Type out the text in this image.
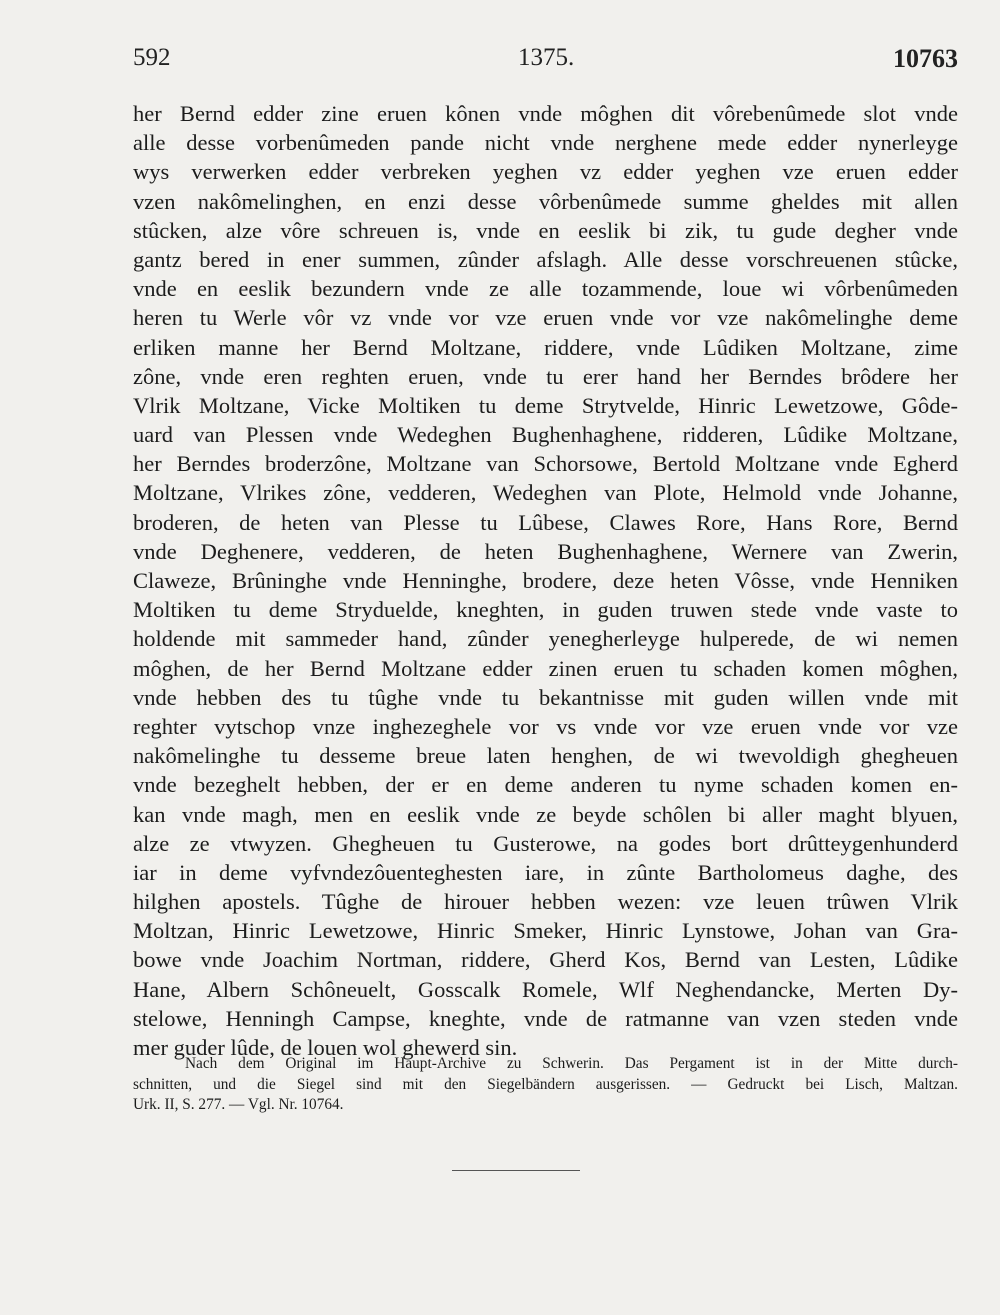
592	1375.	10763
her Bernd edder zine eruen kônen vnde môghen dit vôrebenûmede slot vnde
alle desse vorbenûmeden pande nicht vnde nerghene mede edder nynerleyge
wys verwerken edder verbreken yeghen vz edder yeghen vze eruen edder
vzen nakômelinghen, en enzi desse vôrbenûmede summe gheldes mit allen
stûcken, alze vôre schreuen is, vnde en eeslik bi zik, tu gude degher vnde
gantz bered in ener summen, zûnder afslagh. Alle desse vorschreuenen stûcke,
vnde en eeslik bezundern vnde ze alle tozammende, loue wi vôrbenûmeden
heren tu Werle vôr vz vnde vor vze eruen vnde vor vze nakômelinghe deme
erliken manne her Bernd Moltzane, riddere, vnde Lûdiken Moltzane, zime
zône, vnde eren reghten eruen, vnde tu erer hand her Berndes brôdere her
Vlrik Moltzane, Vicke Moltiken tu deme Strytvelde, Hinric Lewetzowe, Gôde-
uard van Plessen vnde Wedeghen Bughenhaghene, ridderen, Lûdike Moltzane,
her Berndes broderzône, Moltzane van Schorsowe, Bertold Moltzane vnde Egherd
Moltzane, Vlrikes zône, vedderen, Wedeghen van Plote, Helmold vnde Johanne,
broderen, de heten van Plesse tu Lûbese, Clawes Rore, Hans Rore, Bernd
vnde Deghenere, vedderen, de heten Bughenhaghene, Wernere van Zwerin,
Claweze, Brûninghe vnde Henninghe, brodere, deze heten Vôsse, vnde Henniken
Moltiken tu deme Stryduelde, kneghten, in guden truwen stede vnde vaste to
holdende mit sammeder hand, zûnder yenegherleyge hulperede, de wi nemen
môghen, de her Bernd Moltzane edder zinen eruen tu schaden komen môghen,
vnde hebben des tu tûghe vnde tu bekantnisse mit guden willen vnde mit
reghter vytschop vnze inghezeghele vor vs vnde vor vze eruen vnde vor vze
nakômelinghe tu desseme breue laten henghen, de wi twevoldigh ghegheuen
vnde bezeghelt hebben, der er en deme anderen tu nyme schaden komen en-
kan vnde magh, men en eeslik vnde ze beyde schôlen bi aller maght blyuen,
alze ze vtwyzen. Ghegheuen tu Gusterowe, na godes bort drûtteygenhunderd
iar in deme vyfvndezôuenteghesten iare, in zûnte Bartholomeus daghe, des
hilghen apostels. Tûghe de hirouer hebben wezen: vze leuen trûwen Vlrik
Moltzan, Hinric Lewetzowe, Hinric Smeker, Hinric Lynstowe, Johan van Gra-
bowe vnde Joachim Nortman, riddere, Gherd Kos, Bernd van Lesten, Lûdike
Hane, Albern Schôneuelt, Gosscalk Romele, Wlf Neghendancke, Merten Dy-
stelowe, Henningh Campse, kneghte, vnde de ratmanne van vzen steden vnde
mer guder lûde, de louen wol ghewerd sin.
Nach dem Original im Haupt-Archive zu Schwerin. Das Pergament ist in der Mitte durch-
schnitten, und die Siegel sind mit den Siegelbändern ausgerissen. — Gedruckt bei Lisch, Maltzan.
Urk. II, S. 277. — Vgl. Nr. 10764.
